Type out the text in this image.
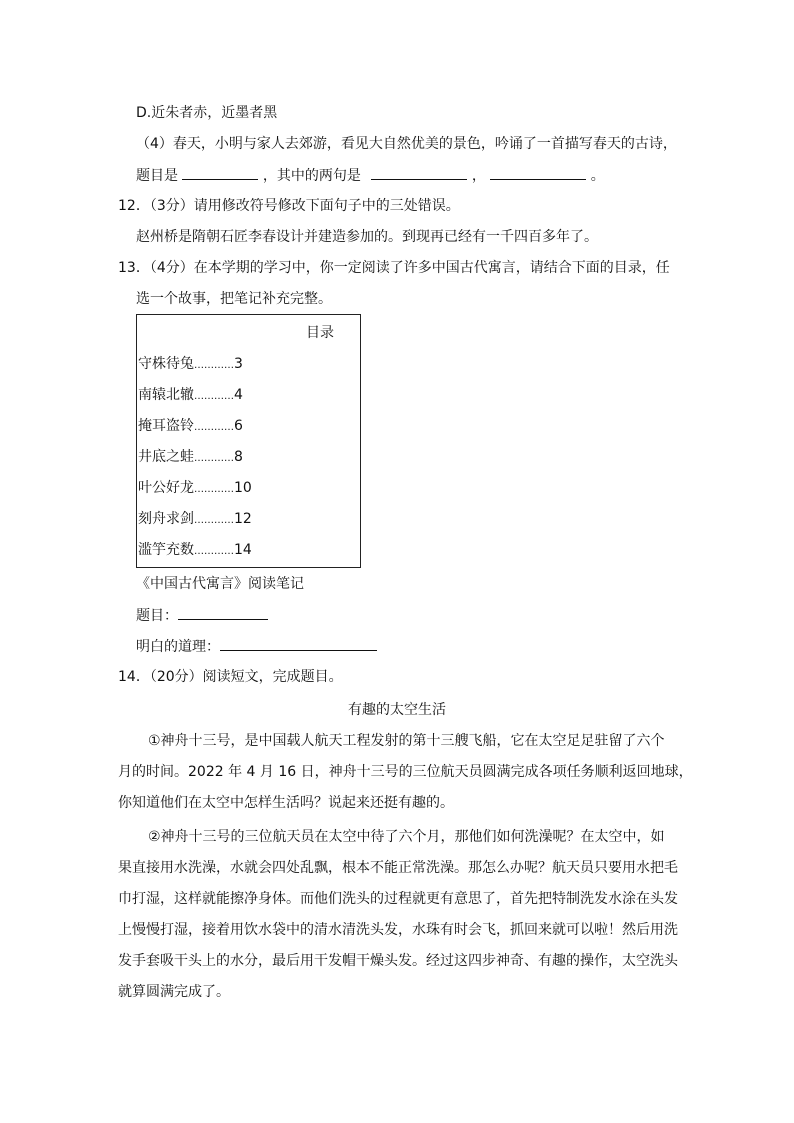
D.近朱者赤，近墨者黑
（4）春天，小明与家人去郊游，看见大自然优美的景色，吟诵了一首描写春天的古诗，
题目是	，其中的两句是	，	。
12．（3分）请用修改符号修改下面句子中的三处错误。
赵州桥是隋朝石匠李春设计并建造参加的。到现再已经有一千四百多年了。
13．（4分）在本学期的学习中，你一定阅读了许多中国古代寓言，请结合下面的目录，任
选一个故事，把笔记补充完整。
目录
守株待兔…………3
南辕北辙…………4
掩耳盗铃…………6
井底之蛙…………8
叶公好龙…………10
刻舟求剑…………12
滥竽充数…………14
《中国古代寓言》阅读笔记
题目：
明白的道理：
14．（20分）阅读短文，完成题目。
有趣的太空生活
①神舟十三号，是中国载人航天工程发射的第十三艘飞船，它在太空足足驻留了六个
月的时间。2022 年 4 月 16 日，神舟十三号的三位航天员圆满完成各项任务顺利返回地球，
你知道他们在太空中怎样生活吗？说起来还挺有趣的。
②神舟十三号的三位航天员在太空中待了六个月，那他们如何洗澡呢？在太空中，如
果直接用水洗澡，水就会四处乱飘，根本不能正常洗澡。那怎么办呢？航天员只要用水把毛
巾打湿，这样就能擦净身体。而他们洗头的过程就更有意思了，首先把特制洗发水涂在头发
上慢慢打湿，接着用饮水袋中的清水清洗头发，水珠有时会飞，抓回来就可以啦！然后用洗
发手套吸干头上的水分，最后用干发帽干燥头发。经过这四步神奇、有趣的操作，太空洗头
就算圆满完成了。
